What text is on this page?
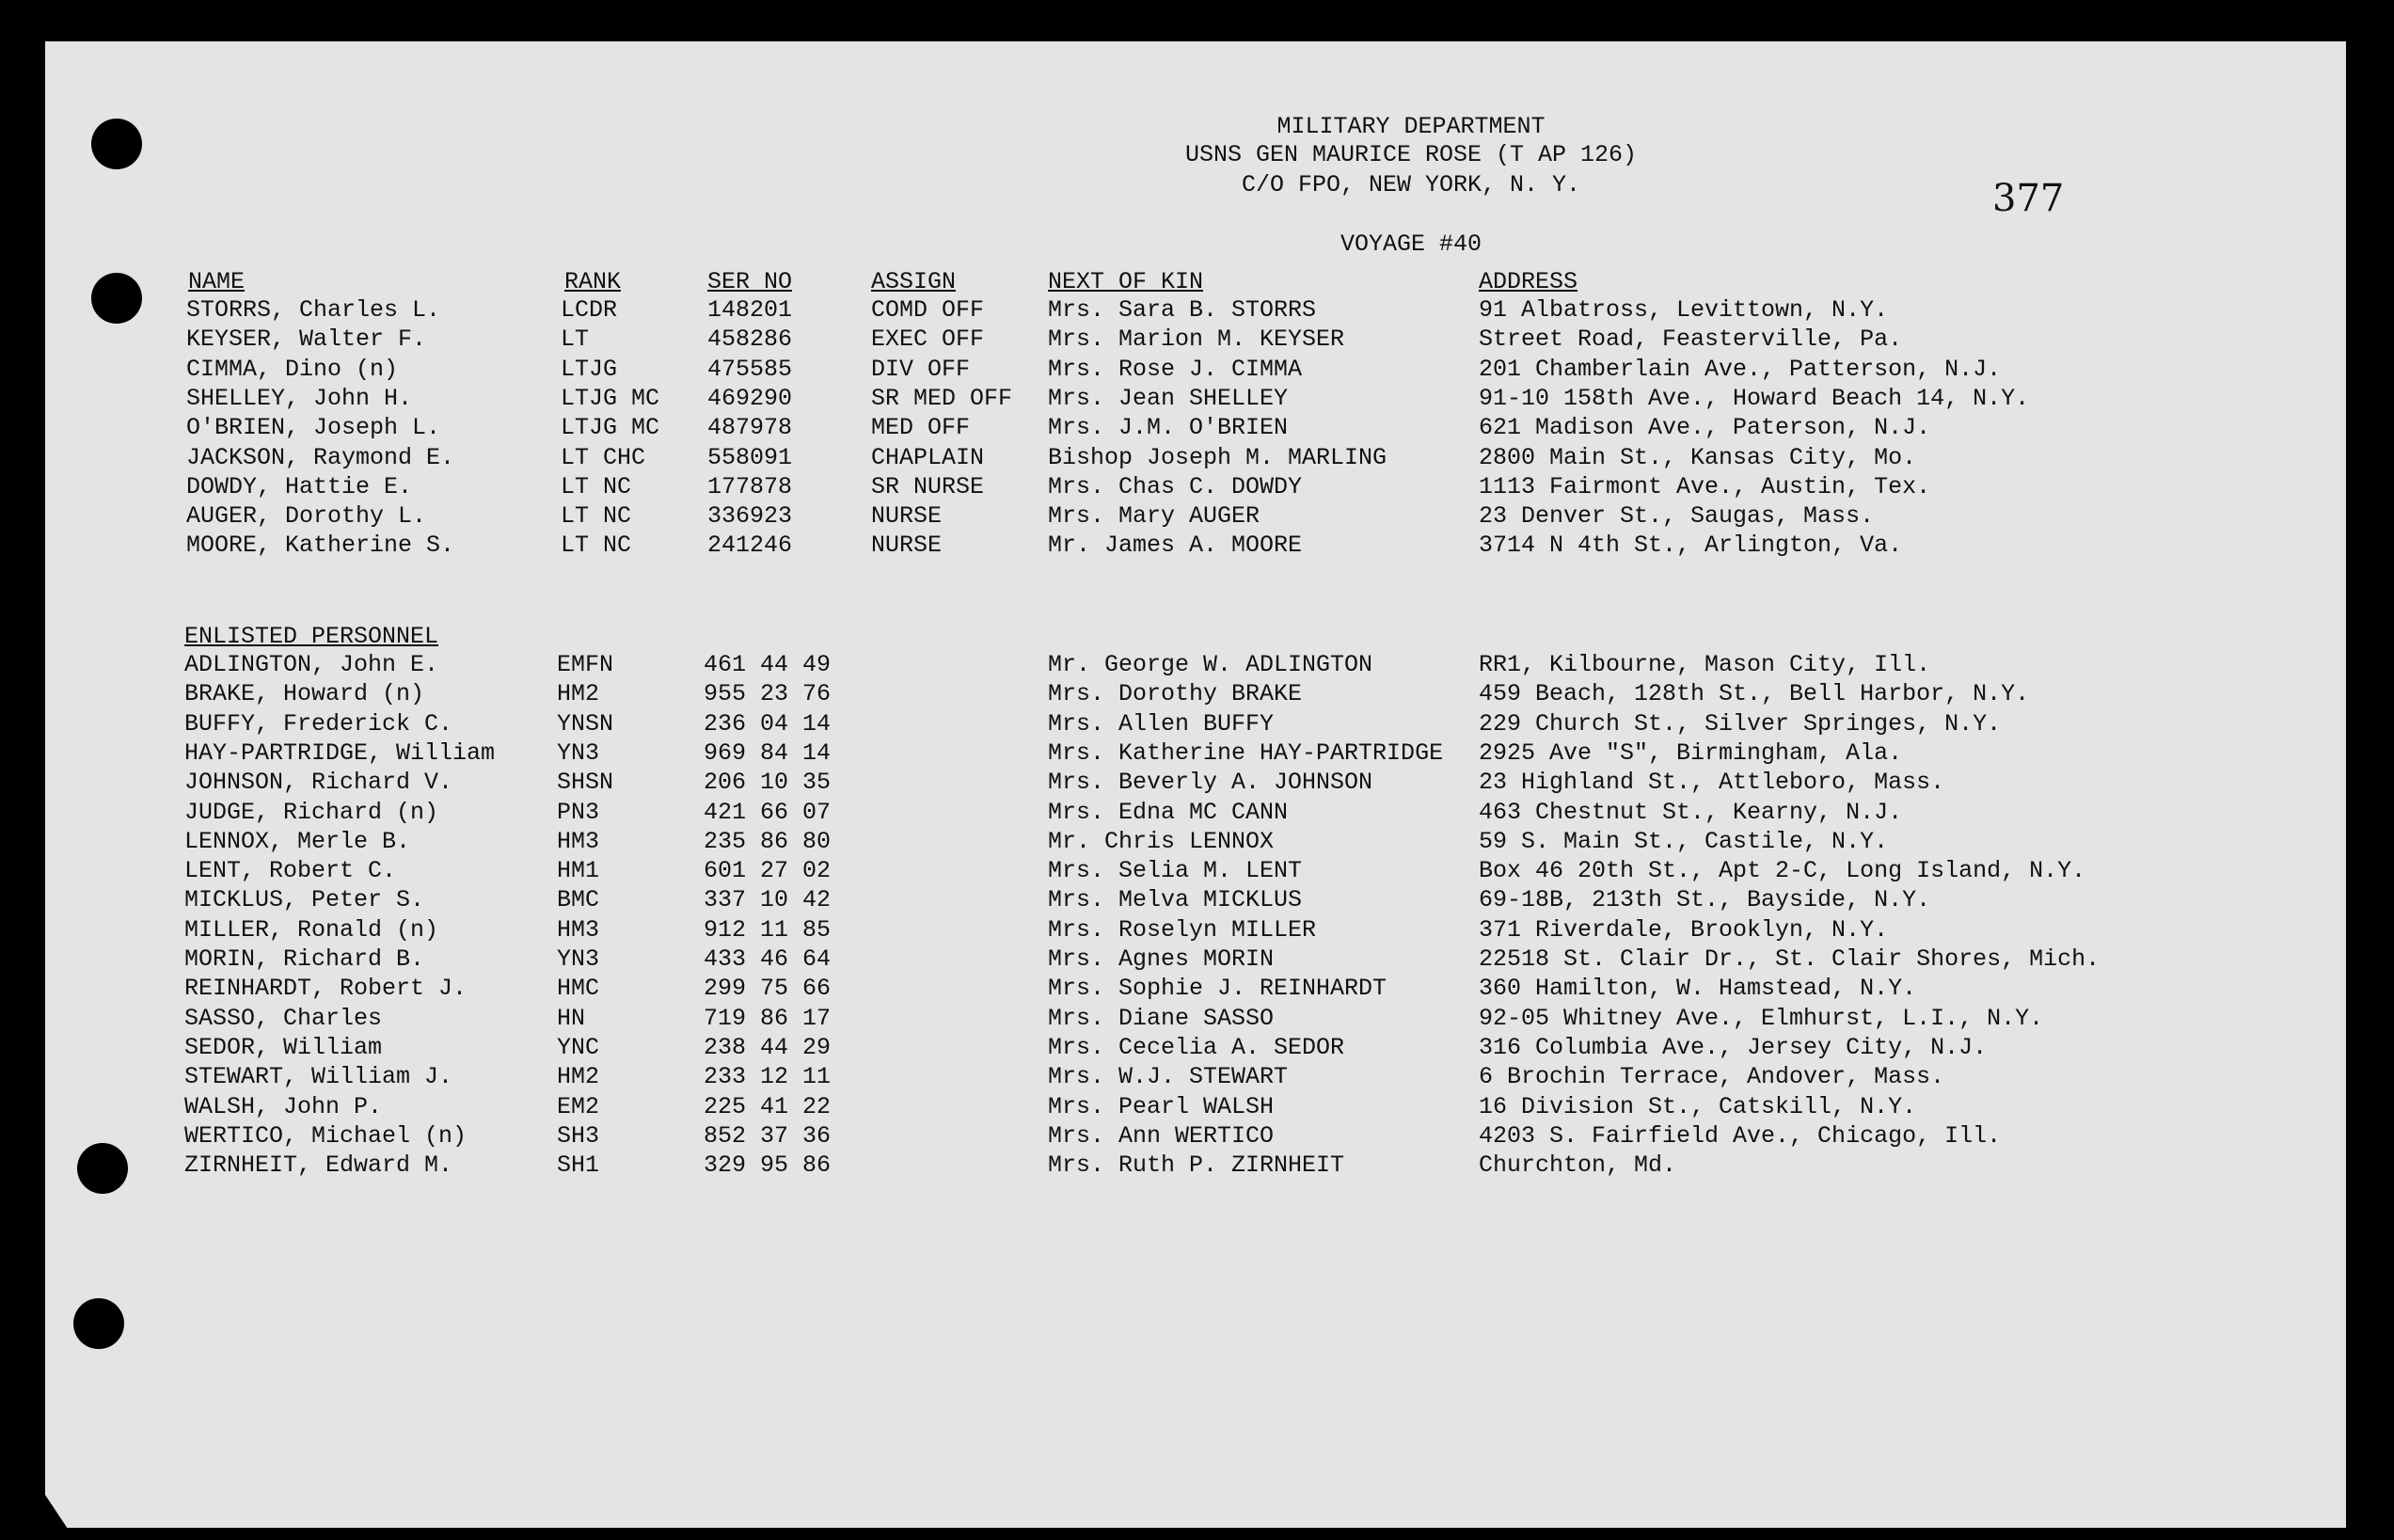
MILITARY DEPARTMENT
USNS GEN MAURICE ROSE (T AP 126)
C/O FPO, NEW YORK, N. Y.
VOYAGE #40
377
NAME	RANK	SER NO	ASSIGN	NEXT OF KIN	ADDRESS
STORRS, Charles L.	LCDR	148201	COMD OFF	Mrs. Sara B. STORRS	91 Albatross, Levittown, N.Y.
KEYSER, Walter F.	LT	458286	EXEC OFF	Mrs. Marion M. KEYSER	Street Road, Feasterville, Pa.
CIMMA, Dino (n)	LTJG	475585	DIV OFF	Mrs. Rose J. CIMMA	201 Chamberlain Ave., Patterson, N.J.
SHELLEY, John H.	LTJG MC 469290	SR MED OFF Mrs. Jean SHELLEY	91-10 158th Ave., Howard Beach 14, N.Y.
O'BRIEN, Joseph L.	LTJG MC 487978	MED OFF	Mrs. J.M. O'BRIEN	621 Madison Ave., Paterson, N.J.
JACKSON, Raymond E.	LT CHC	558091	CHAPLAIN	Bishop Joseph M. MARLING	2800 Main St., Kansas City, Mo.
DOWDY, Hattie E.	LT NC	177878	SR NURSE	Mrs. Chas C. DOWDY	1113 Fairmont Ave., Austin, Tex.
AUGER, Dorothy L.	LT NC	336923	NURSE	Mrs. Mary AUGER	23 Denver St., Saugas, Mass.
MOORE, Katherine S.	LT NC	241246	NURSE	Mr. James A. MOORE	3714 N 4th St., Arlington, Va.
ENLISTED PERSONNEL
ADLINGTON, John E.	EMFN	461 44 49	Mr. George W. ADLINGTON	RR1, Kilbourne, Mason City, Ill.
BRAKE, Howard (n)	HM2	955 23 76	Mrs. Dorothy BRAKE	459 Beach, 128th St., Bell Harbor, N.Y.
BUFFY, Frederick C.	YNSN	236 04 14	Mrs. Allen BUFFY	229 Church St., Silver Springes, N.Y.
HAY-PARTRIDGE, William	YN3	969 84 14	Mrs. Katherine HAY-PARTRIDGE 2925 Ave "S", Birmingham, Ala.
JOHNSON, Richard V.	SHSN	206 10 35	Mrs. Beverly A. JOHNSON	23 Highland St., Attleboro, Mass.
JUDGE, Richard (n)	PN3	421 66 07	Mrs. Edna MC CANN	463 Chestnut St., Kearny, N.J.
LENNOX, Merle B.	HM3	235 86 80	Mr. Chris LENNOX	59 S. Main St., Castile, N.Y.
LENT, Robert C.	HM1	601 27 02	Mrs. Selia M. LENT	Box 46 20th St., Apt 2-C, Long Island, N.Y.
MICKLUS, Peter S.	BMC	337 10 42	Mrs. Melva MICKLUS	69-18B, 213th St., Bayside, N.Y.
MILLER, Ronald (n)	HM3	912 11 85	Mrs. Roselyn MILLER	371 Riverdale, Brooklyn, N.Y.
MORIN, Richard B.	YN3	433 46 64	Mrs. Agnes MORIN	22518 St. Clair Dr., St. Clair Shores, Mich.
REINHARDT, Robert J.	HMC	299 75 66	Mrs. Sophie J. REINHARDT	360 Hamilton, W. Hamstead, N.Y.
SASSO, Charles	HN	719 86 17	Mrs. Diane SASSO	92-05 Whitney Ave., Elmhurst, L.I., N.Y.
SEDOR, William	YNC	238 44 29	Mrs. Cecelia A. SEDOR	316 Columbia Ave., Jersey City, N.J.
STEWART, William J.	HM2	233 12 11	Mrs. W.J. STEWART	6 Brochin Terrace, Andover, Mass.
WALSH, John P.	EM2	225 41 22	Mrs. Pearl WALSH	16 Division St., Catskill, N.Y.
WERTICO, Michael (n)	SH3	852 37 36	Mrs. Ann WERTICO	4203 S. Fairfield Ave., Chicago, Ill.
ZIRNHEIT, Edward M.	SH1	329 95 86	Mrs. Ruth P. ZIRNHEIT	Churchton, Md.
